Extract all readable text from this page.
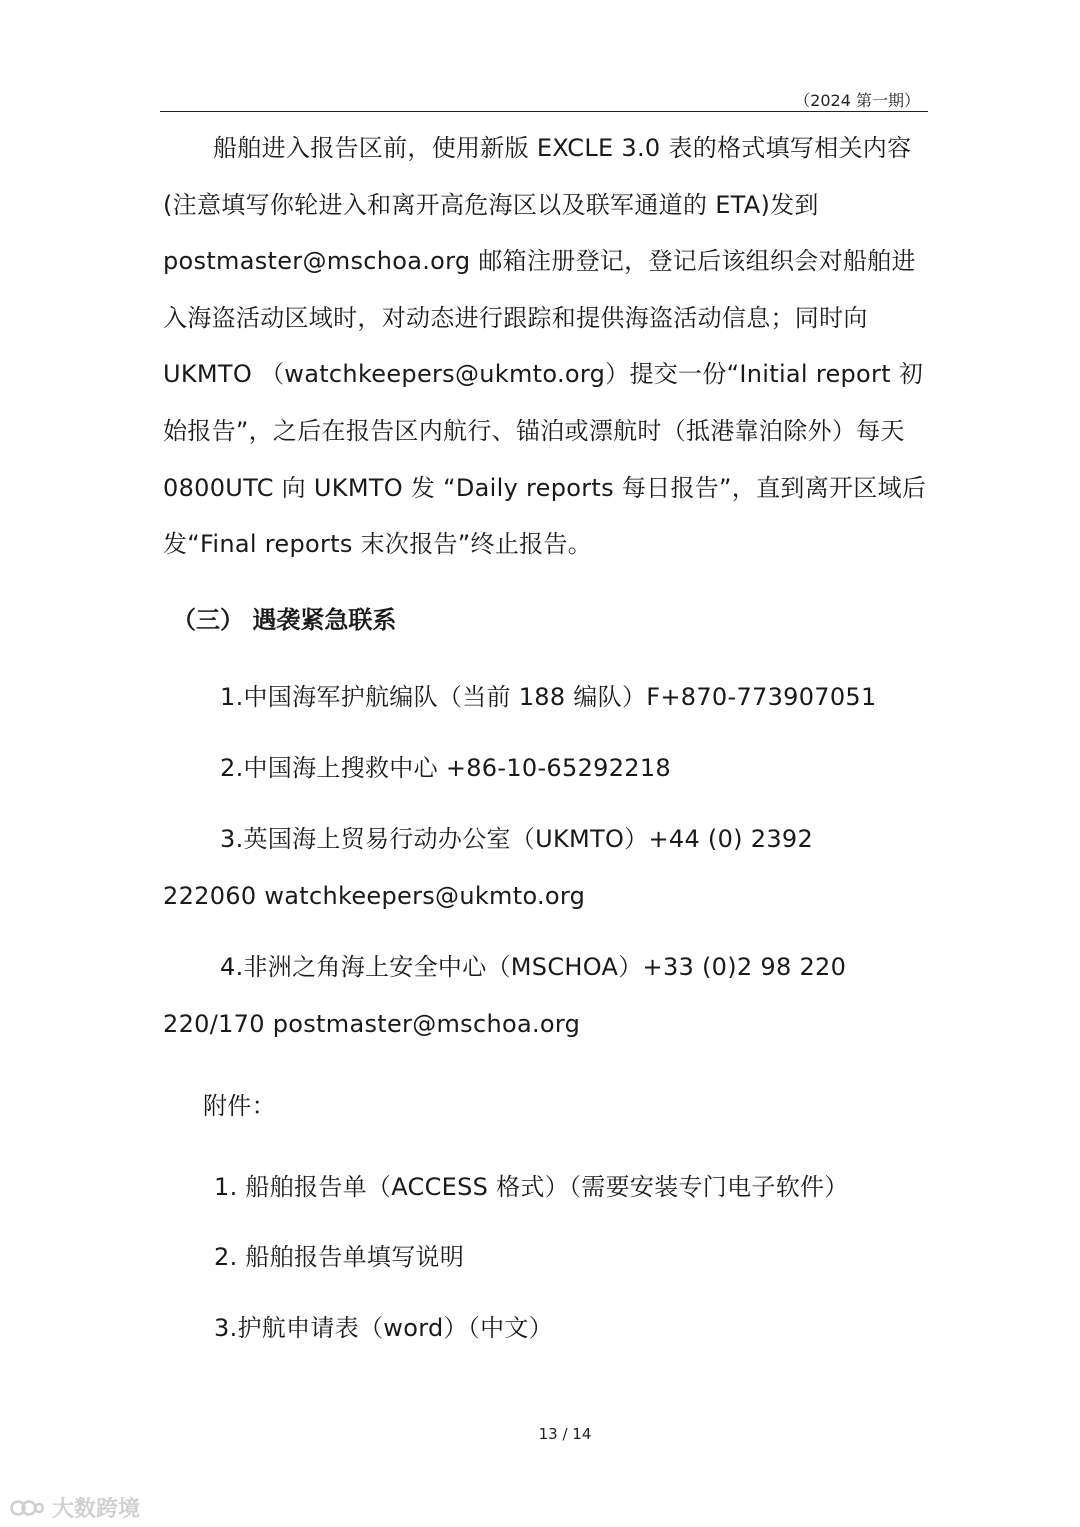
（2024 第一期）
船舶进入报告区前，使用新版 EXCLE 3.0 表的格式填写相关内容
(注意填写你轮进入和离开高危海区以及联军通道的 ETA)发到
postmaster@mschoa.org 邮箱注册登记，登记后该组织会对船舶进
入海盗活动区域时，对动态进行跟踪和提供海盗活动信息；同时向
UKMTO （watchkeepers@ukmto.org）提交一份“Initial report 初
始报告”，之后在报告区内航行、锚泊或漂航时（抵港靠泊除外）每天
0800UTC 向 UKMTO 发 “Daily reports 每日报告”，直到离开区域后
发“Final reports 末次报告”终止报告。
（三） 遇袭紧急联系
1.中国海军护航编队（当前 188 编队）F+870-773907051
2.中国海上搜救中心 +86-10-65292218
3.英国海上贸易行动办公室（UKMTO）+44 (0) 2392
222060 watchkeepers@ukmto.org
4.非洲之角海上安全中心（MSCHOA）+33 (0)2 98 220
220/170 postmaster@mschoa.org
附件：
1. 船舶报告单（ACCESS 格式）（需要安装专门电子软件）
2. 船舶报告单填写说明
3.护航申请表（word）（中文）
13 / 14
大数跨境
